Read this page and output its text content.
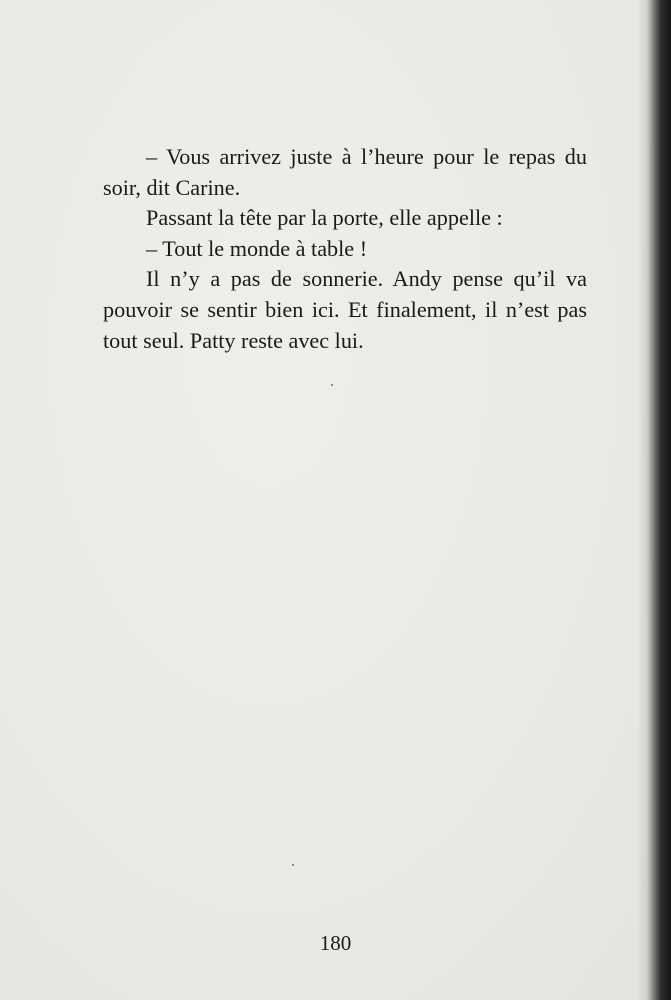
– Vous arrivez juste à l’heure pour le repas du soir, dit Carine.

Passant la tête par la porte, elle appelle :

– Tout le monde à table !

Il n’y a pas de sonnerie. Andy pense qu’il va pouvoir se sentir bien ici. Et finalement, il n’est pas tout seul. Patty reste avec lui.

180
